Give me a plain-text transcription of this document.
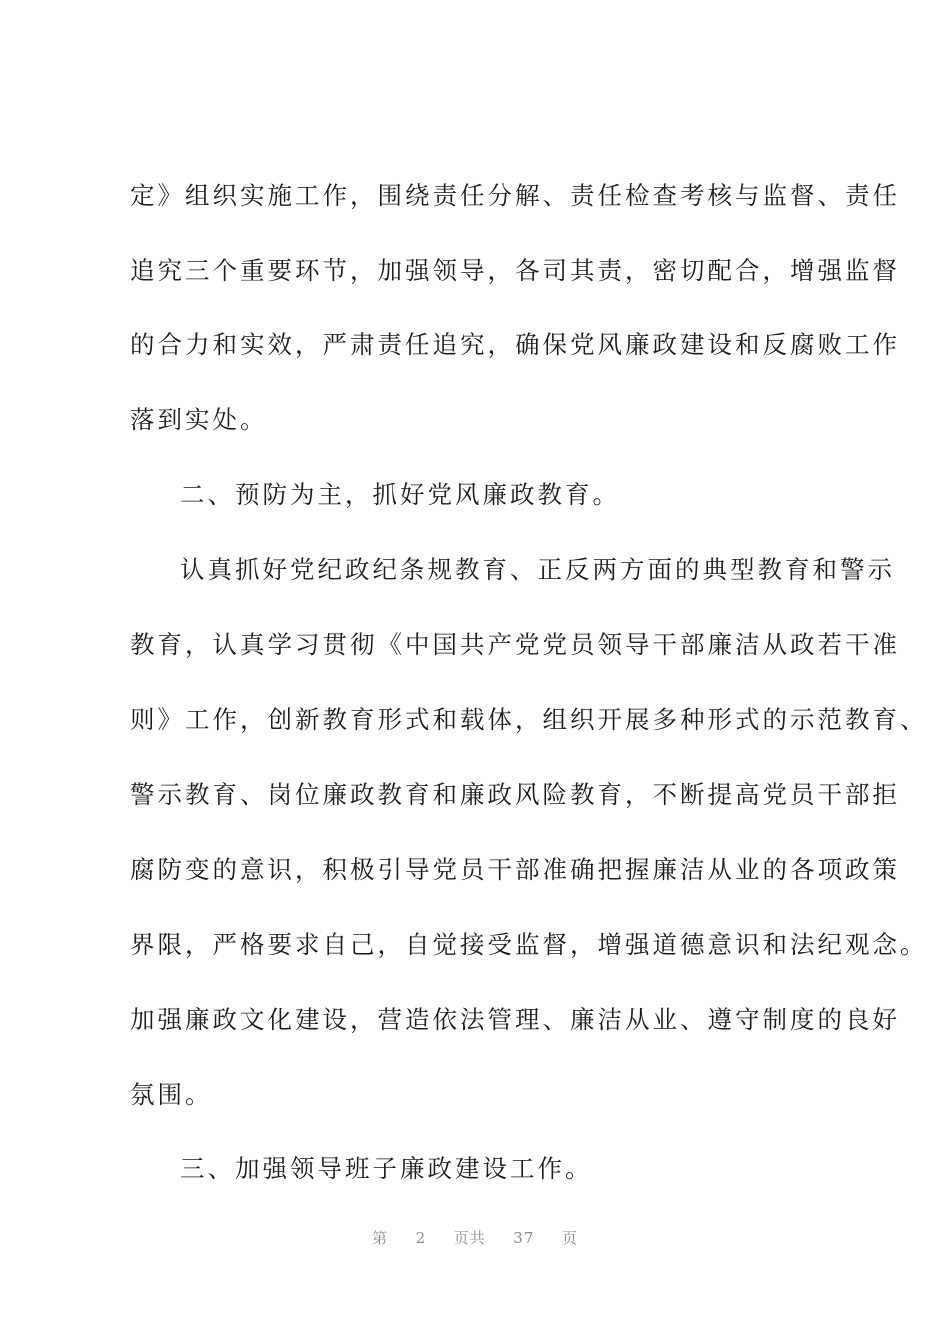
定》组织实施工作，围绕责任分解、责任检查考核与监督、责任
追究三个重要环节，加强领导，各司其责，密切配合，增强监督
的合力和实效，严肃责任追究，确保党风廉政建设和反腐败工作
落到实处。
二、预防为主，抓好党风廉政教育。
认真抓好党纪政纪条规教育、正反两方面的典型教育和警示
教育，认真学习贯彻《中国共产党党员领导干部廉洁从政若干准
则》工作，创新教育形式和载体，组织开展多种形式的示范教育、
警示教育、岗位廉政教育和廉政风险教育，不断提高党员干部拒
腐防变的意识，积极引导党员干部准确把握廉洁从业的各项政策
界限，严格要求自己，自觉接受监督，增强道德意识和法纪观念。
加强廉政文化建设，营造依法管理、廉洁从业、遵守制度的良好
氛围。
三、加强领导班子廉政建设工作。
第 2 页共 37 页
